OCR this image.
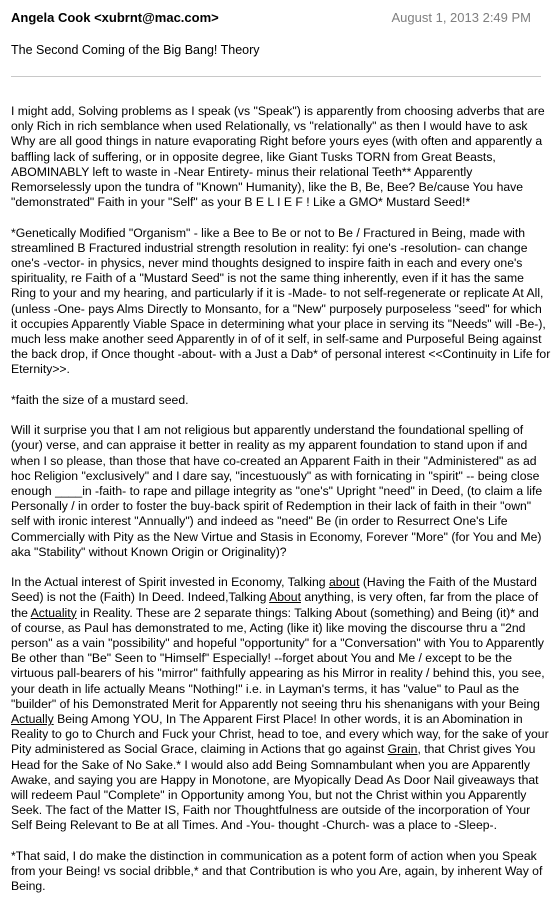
Angela Cook <xubrnt@mac.com>	August 1, 2013 2:49 PM
The Second Coming of the Big Bang! Theory

I might add, Solving problems as I speak (vs "Speak") is apparently from choosing adverbs that are only Rich in rich semblance when used Relationally, vs "relationally" as then I would have to ask Why are all good things in nature evaporating Right before yours eyes (with often and apparently a baffling lack of suffering, or in opposite degree, like Giant Tusks TORN from Great Beasts, ABOMINABLY left to waste in -Near Entirety- minus their relational Teeth** Apparently Remorselessly upon the tundra of "Known" Humanity), like the B, Be, Bee? Be/cause You have "demonstrated" Faith in your "Self" as your B E L I E F ! Like a GMO* Mustard Seed!*

*Genetically Modified "Organism" - like a Bee to Be or not to Be / Fractured in Being, made with streamlined B Fractured industrial strength resolution in reality: fyi one's -resolution- can change one's -vector- in physics, never mind thoughts designed to inspire faith in each and every one's spirituality, re Faith of a "Mustard Seed" is not the same thing inherently, even if it has the same Ring to your and my hearing, and particularly if it is -Made- to not self-regenerate or replicate At All, (unless -One- pays Alms Directly to Monsanto, for a "New" purposely purposeless "seed" for which it occupies Apparently Viable Space in determining what your place in serving its "Needs" will -Be-), much less make another seed Apparently in of of it self, in self-same and Purposeful Being against the back drop, if Once thought -about- with a Just a Dab* of personal interest <<Continuity in Life for Eternity>>.

*faith the size of a mustard seed.

Will it surprise you that I am not religious but apparently understand the foundational spelling of (your) verse, and can appraise it better in reality as my apparent foundation to stand upon if and when I so please, than those that have co-created an Apparent Faith in their "Administered" as ad hoc Religion "exclusively" and I dare say, "incestuously" as with fornicating in "spirit" -- being close enough ____in -faith- to rape and pillage integrity as "one's" Upright "need" in Deed, (to claim a life Personally / in order to foster the buy-back spirit of Redemption in their lack of faith in their "own" self with ironic interest "Annually") and indeed as "need" Be (in order to Resurrect One's Life Commercially with Pity as the New Virtue and Stasis in Economy, Forever "More" (for You and Me) aka "Stability" without Known Origin or Originality)?

In the Actual interest of Spirit invested in Economy, Talking about (Having the Faith of the Mustard Seed) is not the (Faith) In Deed. Indeed,Talking About anything, is very often, far from the place of the Actuality in Reality. These are 2 separate things: Talking About (something) and Being (it)* and of course, as Paul has demonstrated to me, Acting (like it) like moving the discourse thru a "2nd person" as a vain "possibility" and hopeful "opportunity" for a "Conversation" with You to Apparently Be other than "Be" Seen to "Himself" Especially! --forget about You and Me / except to be the virtuous pall-bearers of his "mirror" faithfully appearing as his Mirror in reality / behind this, you see, your death in life actually Means "Nothing!" i.e. in Layman's terms, it has "value" to Paul as the "builder" of his Demonstrated Merit for Apparently not seeing thru his shenanigans with your Being Actually Being Among YOU, In The Apparent First Place! In other words, it is an Abomination in Reality to go to Church and Fuck your Christ, head to toe, and every which way, for the sake of your Pity administered as Social Grace, claiming in Actions that go against Grain, that Christ gives You Head for the Sake of No Sake.* I would also add Being Somnambulant when you are Apparently Awake, and saying you are Happy in Monotone, are Myopically Dead As Door Nail giveaways that will redeem Paul "Complete" in Opportunity among You, but not the Christ within you Apparently Seek. The fact of the Matter IS, Faith nor Thoughtfulness are outside of the incorporation of Your Self Being Relevant to Be at all Times. And -You- thought -Church- was a place to -Sleep-.

*That said, I do make the distinction in communication as a potent form of action when you Speak from your Being! vs social dribble,* and that Contribution is who you Are, again, by inherent Way of Being.
